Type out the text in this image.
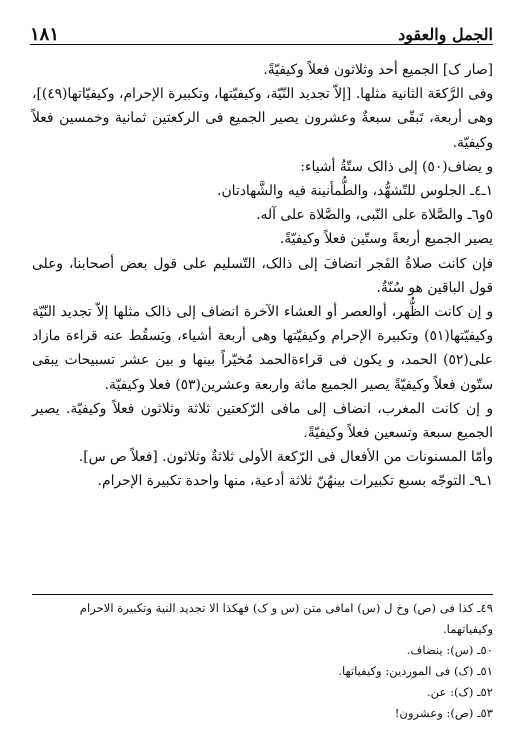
الجمل والعقود
١٨١

[صار ک] الجميع أحد وثلاثون فعلاً وکيفيّةً.

وفى الرَّکعَة الثانية مثلها. [إلاّ تجديد النّيّة، وکيفيّتها، وتکبيرة الإحرام، وکيفيّاتها(٤٩)]، وهى أربعة، تَبقّى سبعةٌ وعشرون يصير الجميع فى الرکعتين ثمانية وخمسين فعلاً وکيفيّة.

و يضاف(٥٠) إلى ذالک ستّةُ أشياء:

١ـ٤ـ الجلوس للتّشهُّد، والطُّمأنينة فيه والشَّهادتان.

٥و٦ـ والصَّلاة على النّبى، والصَّلاة على آله.

يصير الجميع أربعةً وستّين فعلاً وکيفيّةً.

فإن کانت صلاةُ الفَجر انضافَ إلى ذالک، التّسليم على قول بعض أصحابنا، وعلى قول الباقين هو سُنّةٌ.

و إن کانت الظُّهر، أوالعصر أو العشاء الآخرة انضاف إلى ذالک مثلها إلاّ تجديد النّيّة وکيفيّتها(٥١) وتکبيرة الإحرام وکيفيّتها وهى أربعة أشياء، ويَسقُط عنه قراءة مازاد على(٥٢) الحمد، و يکون فى قراءةالحمد مُخيّراً بينها و بين عشر تسبيحات يبقى ستّون فعلاً وکيفيّةً يصير الجميع مائة واربعة وعشرين(٥٣) فعلا وکيفيّة.

و إن کانت المغرب، انضاف إلى مافى الرّکعتين ثلاثة وثلاثون فعلاً وکيفيّة. يصير الجميع سبعة وتسعين فعلاً وکيفيّةً.

وأمّا المسنونات من الأفعال فى الرّکعة الأولى ثلاثةٌ وثلاثون. [فعلاً ص س].

١ـ٩ـ التوجّه بسبع تکبيرات بينهُنّ ثلاثة أدعية، منها واحدة تکبيرة الإحرام.

٤٩ـ کذا فى (ص) وخ ل (س) امافى متن (س و ک) فهکذا الا تجديد النية وتکبيرة الاحرام وکيفياتهما.

٥٠ـ (س): ينضاف.

٥١ـ (ک) فى الموردين: وکيفياتها.

٥٢ـ (ک): عن.

٥٣ـ (ص): وعشرون!
